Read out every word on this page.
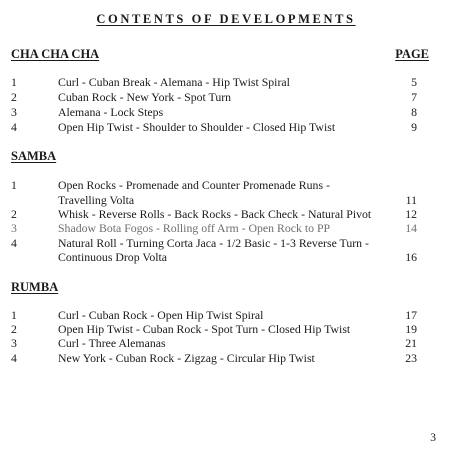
CONTENTS OF DEVELOPMENTS
PAGE
CHA CHA CHA
1	Curl - Cuban Break - Alemana - Hip Twist Spiral	5
2	Cuban Rock - New York - Spot Turn	7
3	Alemana - Lock Steps	8
4	Open Hip Twist - Shoulder to Shoulder - Closed Hip Twist	9
SAMBA
1	Open Rocks - Promenade and Counter Promenade Runs -
Travelling Volta	11
2	Whisk - Reverse Rolls - Back Rocks - Back Check - Natural Pivot	12
3	Shadow Bota Fogos - Rolling off Arm - Open Rock to PP	14
4	Natural Roll - Turning Corta Jaca - 1/2 Basic - 1-3 Reverse Turn -
Continuous Drop Volta	16
RUMBA
1	Curl - Cuban Rock - Open Hip Twist Spiral	17
2	Open Hip Twist - Cuban Rock - Spot Turn - Closed Hip Twist	19
3	Curl - Three Alemanas	21
4	New York - Cuban Rock - Zigzag - Circular Hip Twist	23
3
